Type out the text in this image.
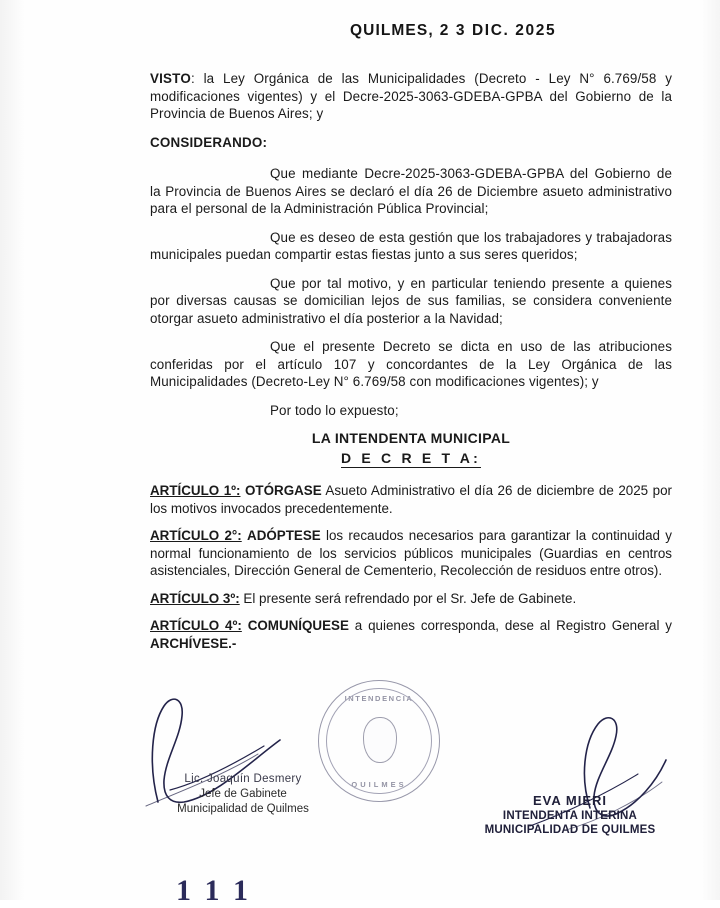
QUILMES, 2 3 DIC. 2025

VISTO: la Ley Orgánica de las Municipalidades (Decreto - Ley N° 6.769/58 y modificaciones vigentes) y el Decre-2025-3063-GDEBA-GPBA del Gobierno de la Provincia de Buenos Aires; y

CONSIDERANDO:

Que mediante Decre-2025-3063-GDEBA-GPBA del Gobierno de la Provincia de Buenos Aires se declaró el día 26 de Diciembre asueto administrativo para el personal de la Administración Pública Provincial;

Que es deseo de esta gestión que los trabajadores y trabajadoras municipales puedan compartir estas fiestas junto a sus seres queridos;

Que por tal motivo, y en particular teniendo presente a quienes por diversas causas se domicilian lejos de sus familias, se considera conveniente otorgar asueto administrativo el día posterior a la Navidad;

Que el presente Decreto se dicta en uso de las atribuciones conferidas por el artículo 107 y concordantes de la Ley Orgánica de las Municipalidades (Decreto-Ley N° 6.769/58 con modificaciones vigentes); y

Por todo lo expuesto;

LA INTENDENTA MUNICIPAL
D E C R E T A:

ARTÍCULO 1º: OTÓRGASE Asueto Administrativo el día 26 de diciembre de 2025 por los motivos invocados precedentemente.

ARTÍCULO 2°: ADÓPTESE los recaudos necesarios para garantizar la continuidad y normal funcionamiento de los servicios públicos municipales (Guardias en centros asistenciales, Dirección General de Cementerio, Recolección de residuos entre otros).

ARTÍCULO 3º: El presente será refrendado por el Sr. Jefe de Gabinete.

ARTÍCULO 4º: COMUNÍQUESE a quienes corresponda, dese al Registro General y ARCHÍVESE.-

INTENDENCIA
QUILMES
Lic. Joaquín Desmery
Jefe de Gabinete
Municipalidad de Quilmes
EVA MIERI
INTENDENTA INTERINA
MUNICIPALIDAD DE QUILMES
1 1 1
